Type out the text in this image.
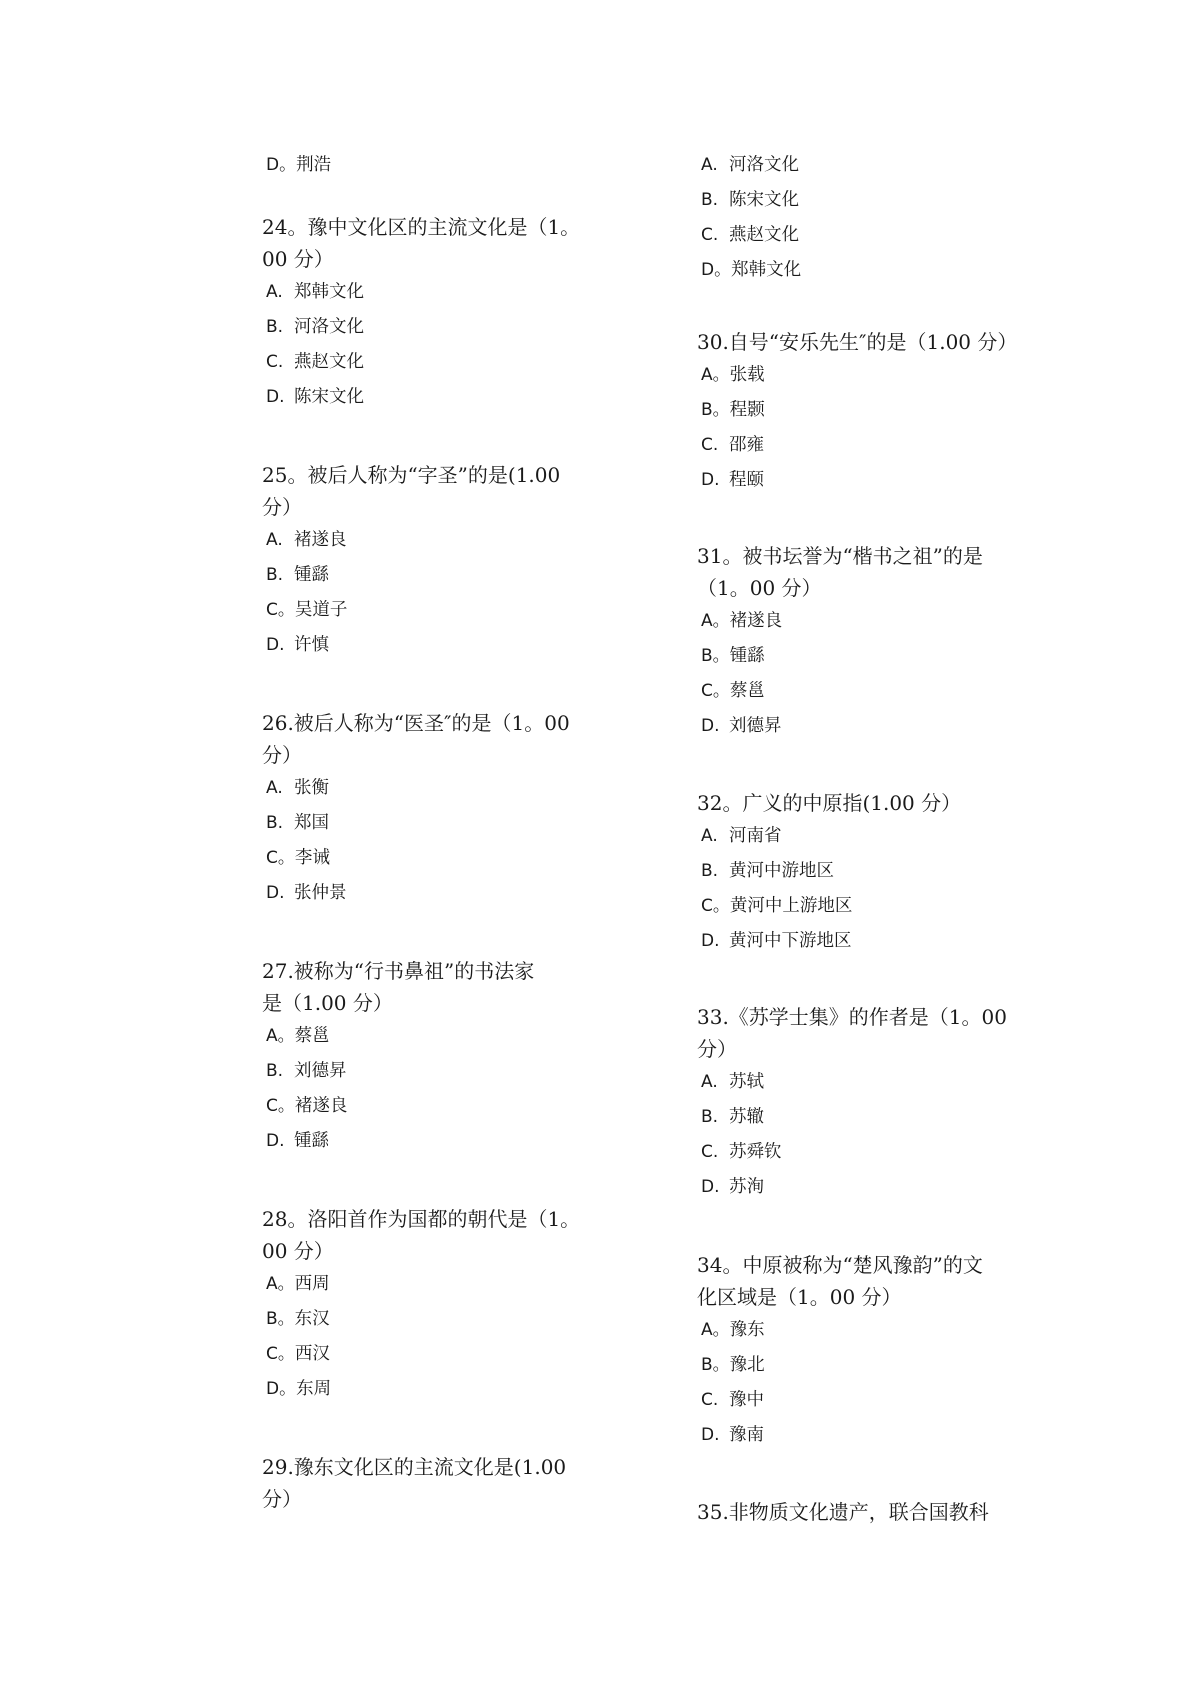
D。荆浩
24。豫中文化区的主流文化是（1。
00 分）
A. 郑韩文化
B. 河洛文化
C. 燕赵文化
D. 陈宋文化
25。被后人称为“字圣”的是(1.00
分）
A. 褚遂良
B. 锺繇
C。吴道子
D. 许慎
26.被后人称为“医圣″的是（1。00
分）
A. 张衡
B. 郑国
C。李诫
D. 张仲景
27.被称为“行书鼻祖”的书法家
是（1.00 分）
A。蔡邕
B. 刘德昇
C。褚遂良
D. 锺繇
28。洛阳首作为国都的朝代是（1。
00 分）
A。西周
B。东汉
C。西汉
D。东周
29.豫东文化区的主流文化是(1.00
分）
A. 河洛文化
B. 陈宋文化
C. 燕赵文化
D。郑韩文化
30.自号“安乐先生″的是（1.00 分）
A。张载
B。程颢
C. 邵雍
D. 程颐
31。被书坛誉为“楷书之祖”的是
（1。00 分）
A。褚遂良
B。锺繇
C。蔡邕
D. 刘德昇
32。广义的中原指(1.00 分）
A. 河南省
B. 黄河中游地区
C。黄河中上游地区
D. 黄河中下游地区
33.《苏学士集》的作者是（1。00
分）
A. 苏轼
B. 苏辙
C. 苏舜钦
D. 苏洵
34。中原被称为“楚风豫韵”的文
化区域是（1。00 分）
A。豫东
B。豫北
C. 豫中
D. 豫南
35.非物质文化遗产，联合国教科
